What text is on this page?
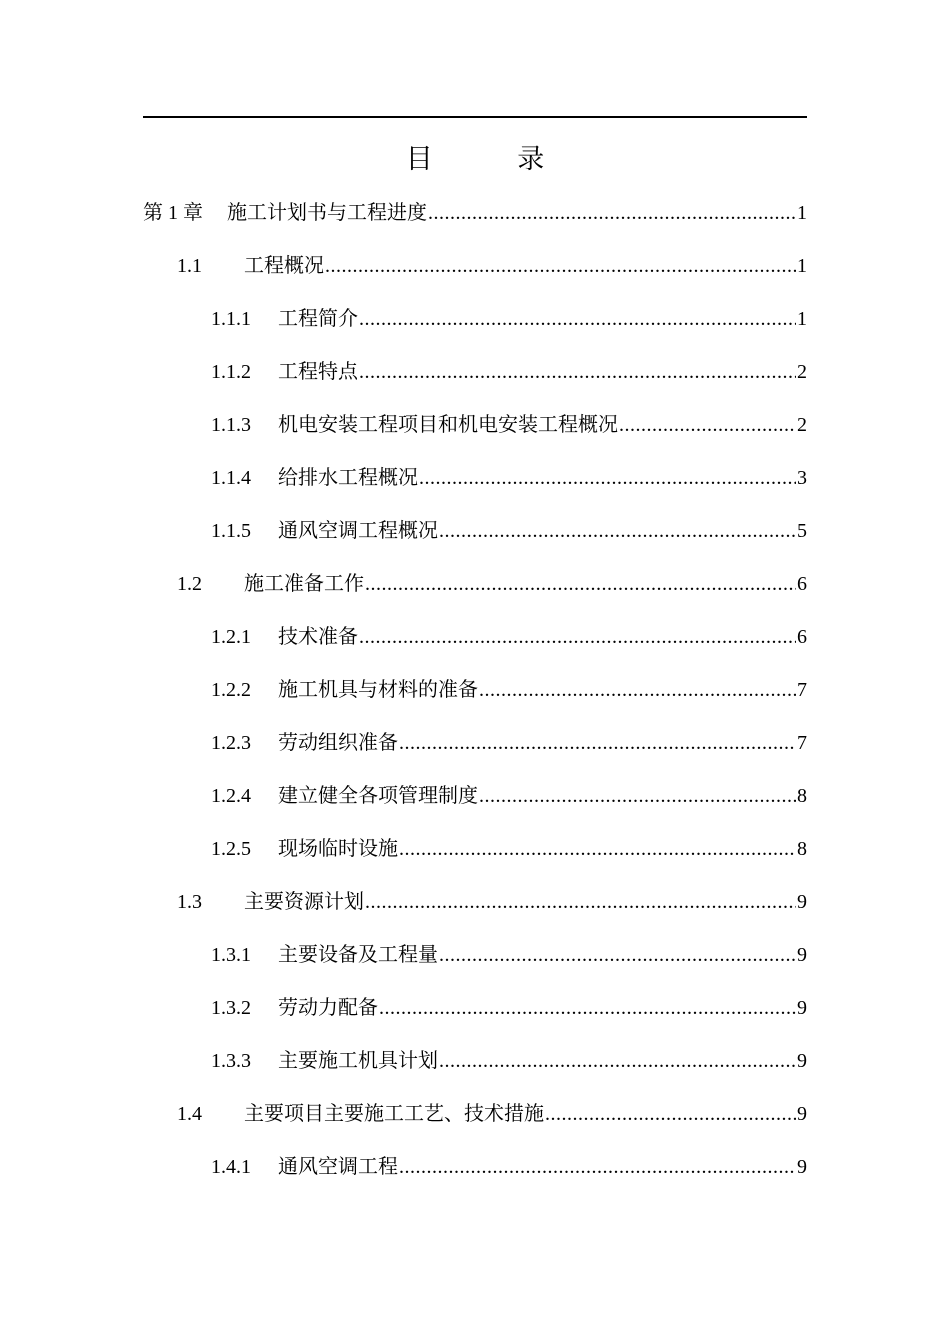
目 录
第 1 章	施工计划书与工程进度 .....	1
1.1	工程概况 .....	1
1.1.1	工程简介 .....	1
1.1.2	工程特点 .....	2
1.1.3	机电安装工程项目和机电安装工程概况 .....	2
1.1.4	给排水工程概况 .....	3
1.1.5	通风空调工程概况 .....	5
1.2	施工准备工作 .....	6
1.2.1	技术准备 .....	6
1.2.2	施工机具与材料的准备 .....	7
1.2.3	劳动组织准备 .....	7
1.2.4	建立健全各项管理制度 .....	8
1.2.5	现场临时设施 .....	8
1.3	主要资源计划 .....	9
1.3.1	主要设备及工程量 .....	9
1.3.2	劳动力配备 .....	9
1.3.3	主要施工机具计划 .....	9
1.4	主要项目主要施工工艺、技术措施 .....	9
1.4.1	通风空调工程 .....	9
